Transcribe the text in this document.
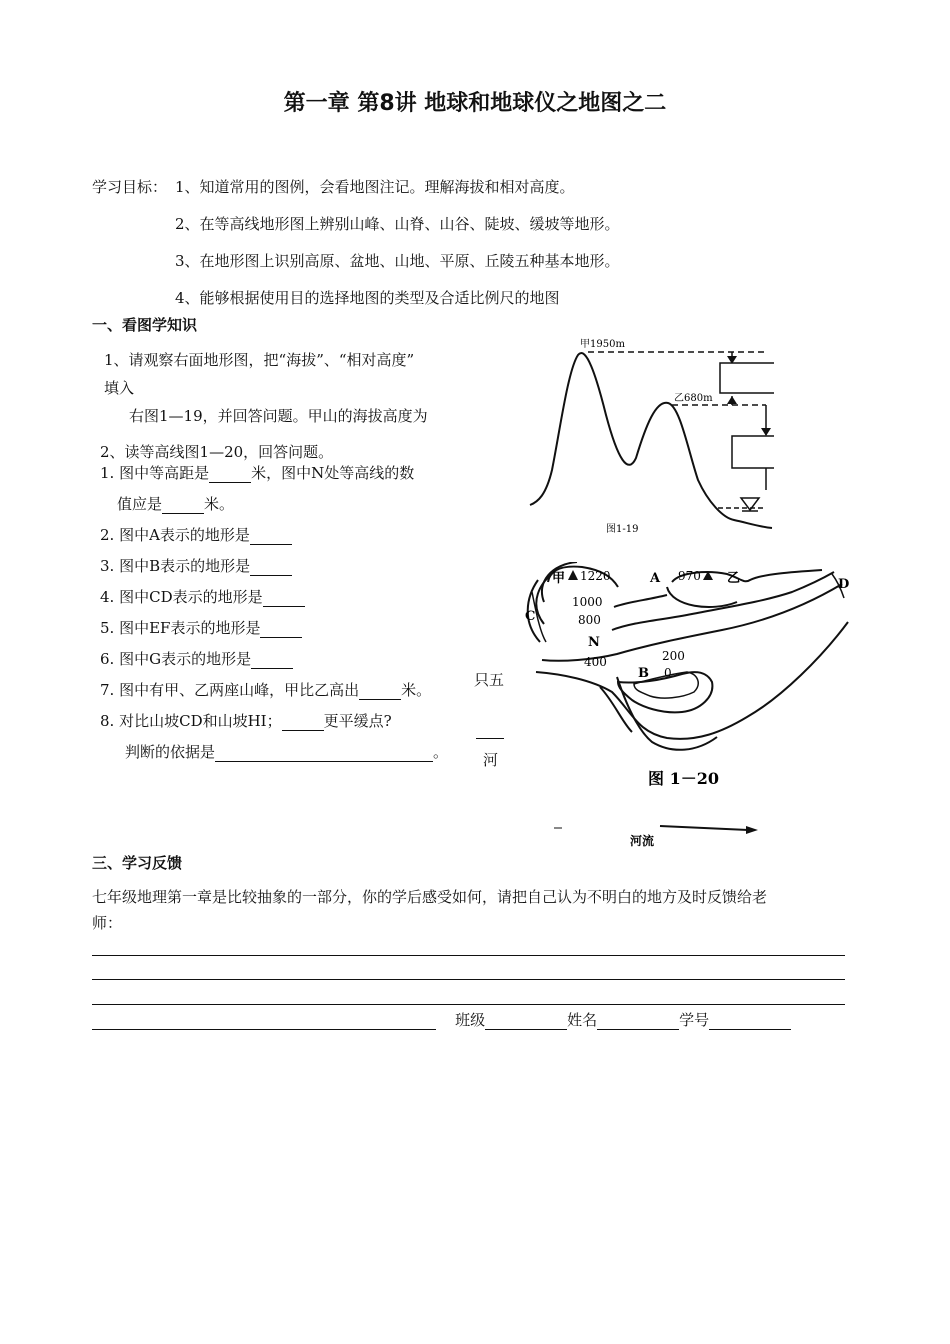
第一章 第8讲 地球和地球仪之地图之二
学习目标： 1、知道常用的图例，会看地图注记。理解海拔和相对高度。
2、在等高线地形图上辨别山峰、山脊、山谷、陡坡、缓坡等地形。
3、在地形图上识别高原、盆地、山地、平原、丘陵五种基本地形。
4、能够根据使用目的选择地图的类型及合适比例尺的地图
一、看图学知识
1、请观察右面地形图，把“海拔”、“相对高度”
填入
右图1—19，并回答问题。甲山的海拔高度为
2、读等高线图1—20，回答问题。
1. 图中等高距是	米，图中N处等高线的数
值应是	米。
2. 图中A表示的地形是
3. 图中B表示的地形是
4. 图中CD表示的地形是
5. 图中EF表示的地形是
6. 图中G表示的地形是
7. 图中有甲、乙两座山峰，甲比乙高出	米。
8. 对比山坡CD和山坡HI；	更平缓点?
判断的依据是	。
只五
河
甲1950m
乙680m
图1-19
甲 1220	A 970 乙	D
C
1000
800
N
400	200
B 0
图 1－20
河流
三、学习反馈
七年级地理第一章是比较抽象的一部分，你的学后感受如何，请把自己认为不明白的地方及时反馈给老
师：
班级	姓名	学号
